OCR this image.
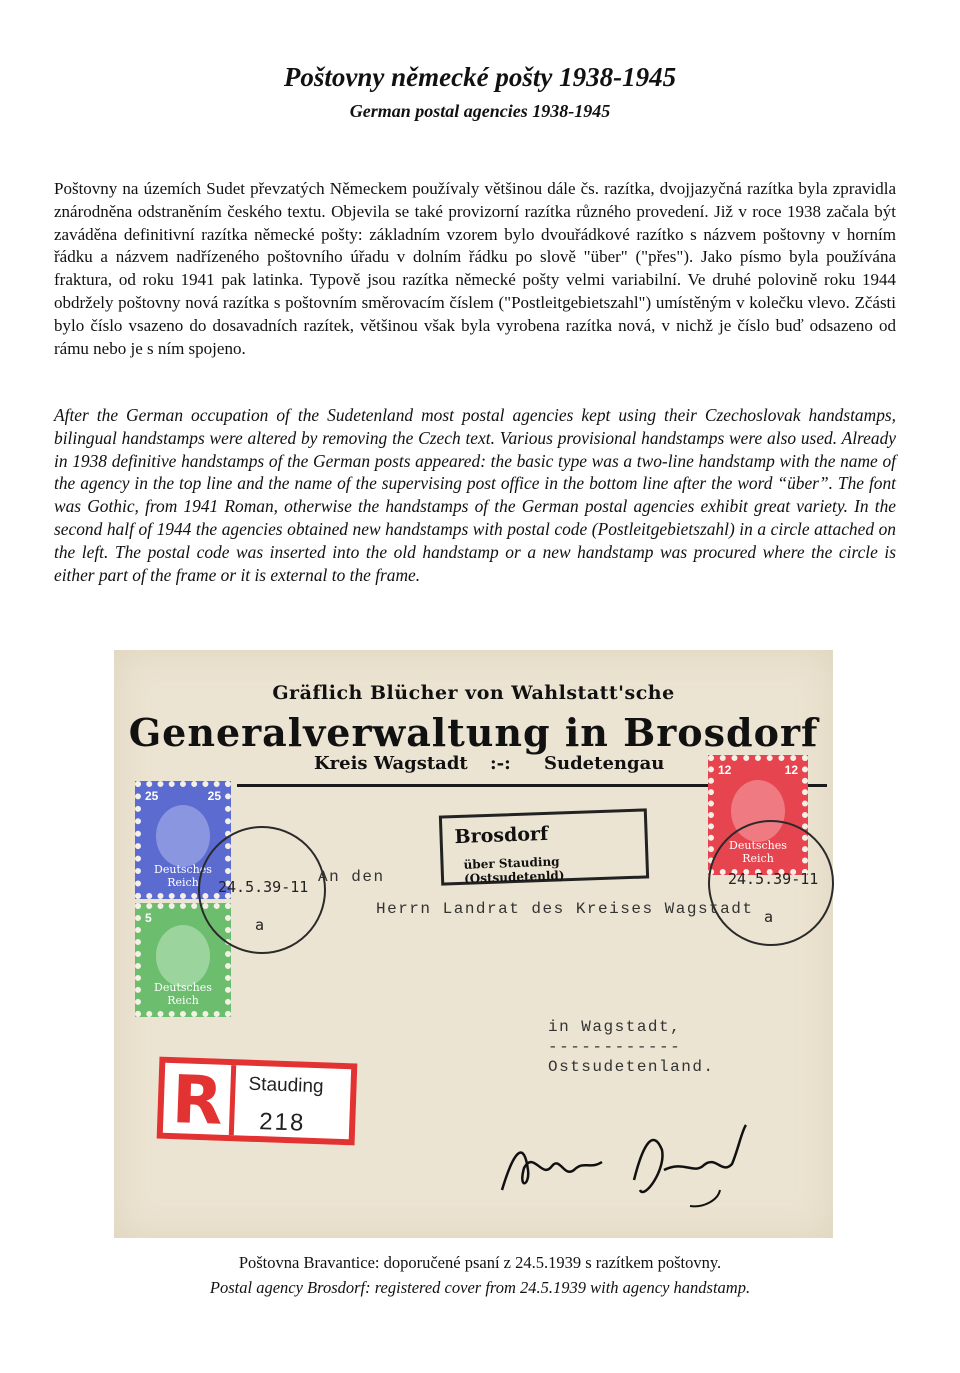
Poštovny německé pošty 1938-1945
German postal agencies 1938-1945

Poštovny na územích Sudet převzatých Německem používaly většinou dále čs. razítka, dvojjazyčná razítka byla zpravidla znárodněna odstraněním českého textu. Objevila se také provizorní razítka různého provedení. Již v roce 1938 začala být zaváděna definitivní razítka německé pošty: základním vzorem bylo dvouřádkové razítko s názvem poštovny v horním řádku a názvem nadřízeného poštovního úřadu v dolním řádku po slově "über" ("přes"). Jako písmo byla používána fraktura, od roku 1941 pak latinka. Typově jsou razítka německé pošty velmi variabilní. Ve druhé polovině roku 1944 obdržely poštovny nová razítka s poštovním směrovacím číslem ("Postleitgebietszahl") umístěným v kolečku vlevo. Zčásti bylo číslo vsazeno do dosavadních razítek, většinou však byla vyrobena razítka nová, v nichž je číslo buď odsazeno od rámu nebo je s ním spojeno.

After the German occupation of the Sudetenland most postal agencies kept using their Czechoslovak handstamps, bilingual handstamps were altered by removing the Czech text. Various provisional handstamps were also used. Already in 1938 definitive handstamps of the German posts appeared: the basic type was a two-line handstamp with the name of the agency in the top line and the name of the supervising post office in the bottom line after the word “über”. The font was Gothic, from 1941 Roman, otherwise the handstamps of the German postal agencies exhibit great variety. In the second half of 1944 the agencies obtained new handstamps with postal code (Postleitgebietszahl) in a circle attached on the left. The postal code was inserted into the old handstamp or a new handstamp was procured where the circle is either part of the frame or it is external to the frame.

Gräflich Blücher von Wahlstatt'sche
Generalverwaltung in Brosdorf
Kreis Wagstadt :-: Sudetengau
25	25
Deutsches Reich
5
Deutsches Reich
12	12
Deutsches Reich
24.5.39-11
a
24.5.39-11
a
Brosdorf
über Stauding (Ostsudetenld)
An den
Herrn Landrat des Kreises Wagstadt
in Wagstadt,
------------
Ostsudetenland.
R Stauding
218
Poštovna Bravantice: doporučené psaní z 24.5.1939 s razítkem poštovny.
Postal agency Brosdorf: registered cover from 24.5.1939 with agency handstamp.
